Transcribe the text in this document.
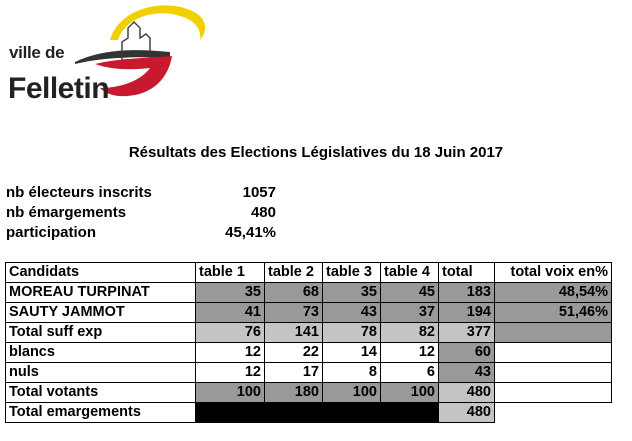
ville de
Felletin
Résultats des Elections Législatives du 18 Juin 2017
nb électeurs inscrits	1057
nb émargements	480
participation	45,41%
Candidats	table 1	table 2	table 3	table 4	total	total voix en%
MOREAU TURPINAT	35	68	35	45	183	48,54%
SAUTY JAMMOT	41	73	43	37	194	51,46%
Total suff exp	76	141	78	82	377	
blancs	12	22	14	12	60	
nuls	12	17	8	6	43	
Total votants	100	180	100	100	480	
Total emargements					480	
